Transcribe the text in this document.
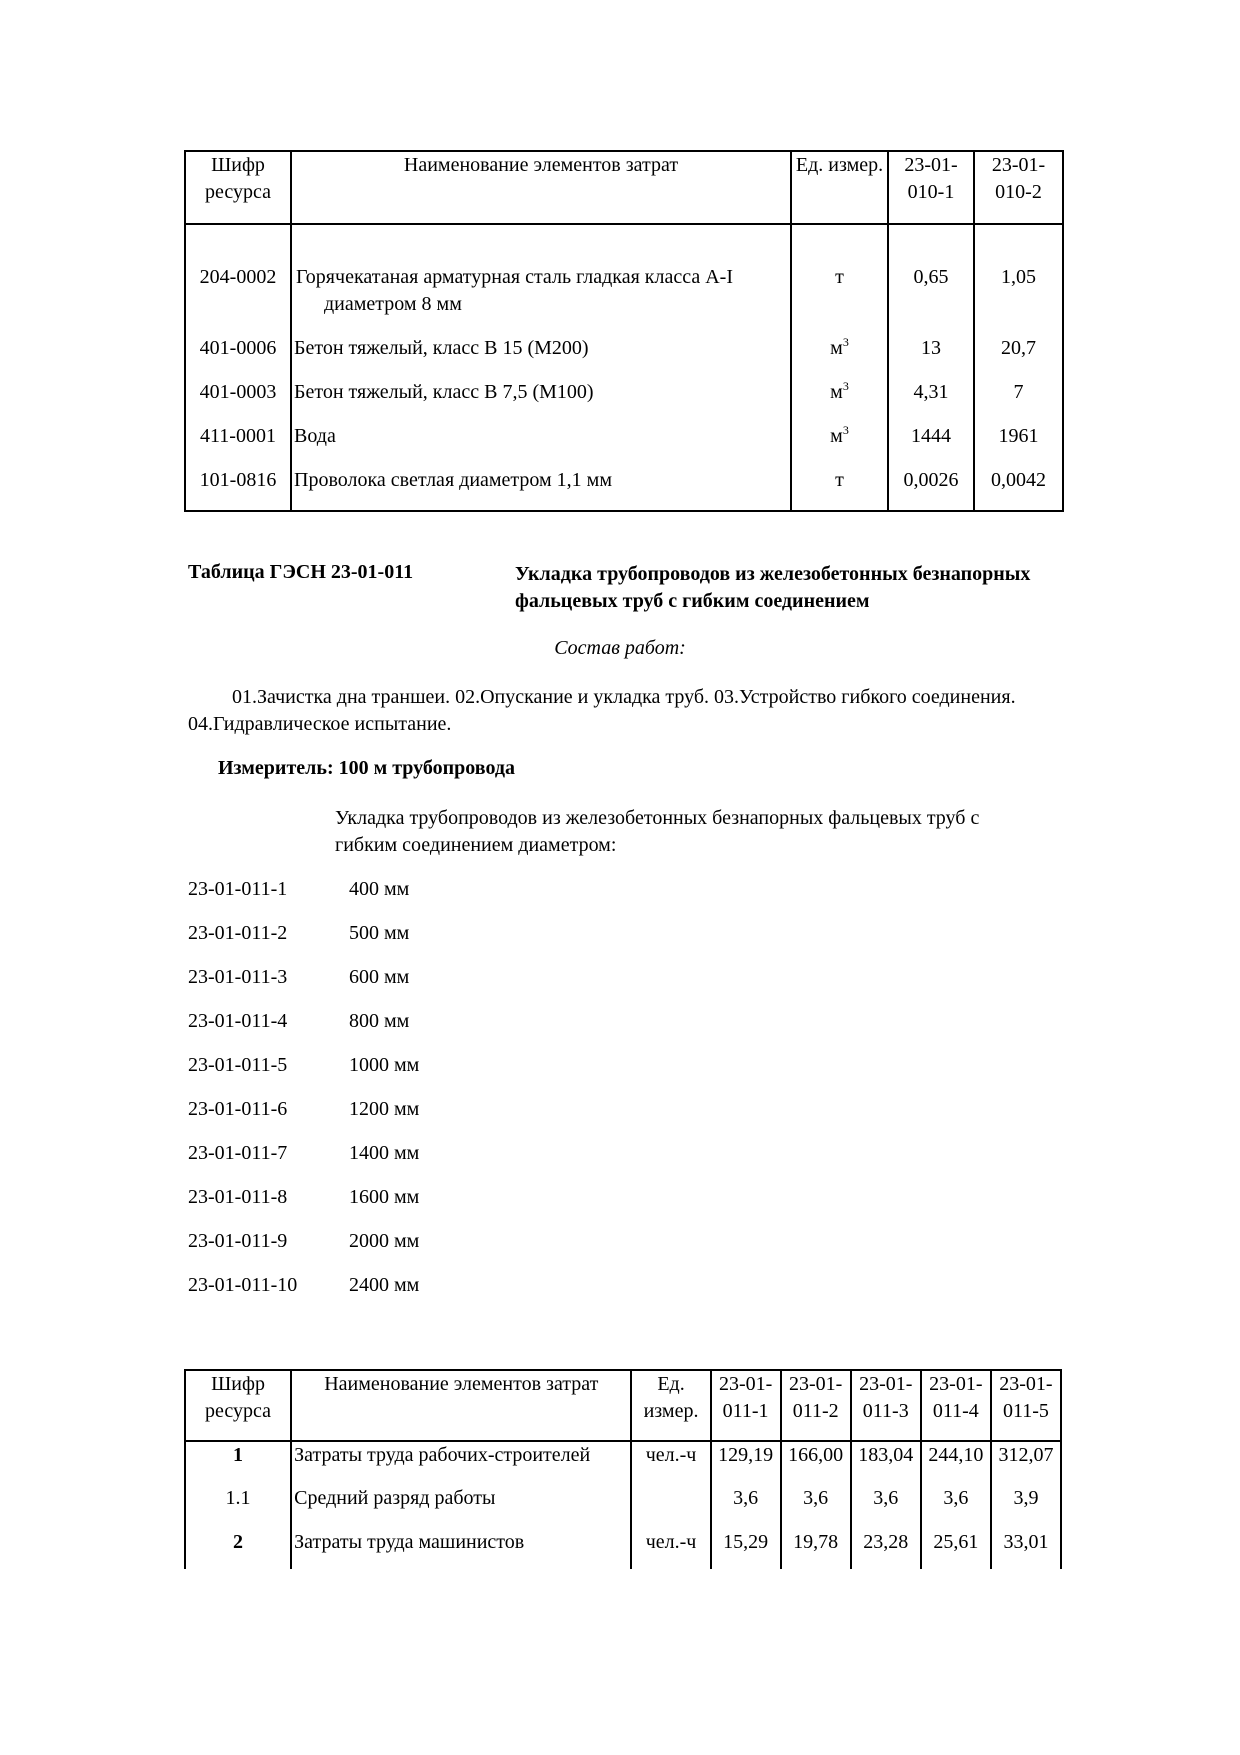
Шифр ресурса	Наименование элементов затрат	Ед. измер.	23-01-010-1	23-01-010-2

204-0002	Горячекатаная арматурная сталь гладкая класса А-I диаметром 8 мм	т	0,65	1,05
401-0006	Бетон тяжелый, класс В 15 (М200)	$м^3$	13	20,7
401-0003	Бетон тяжелый, класс В 7,5 (М100)	$м^3$	4,31	7
411-0001	Вода	$м^3$	1444	1961
101-0816	Проволока светлая диаметром 1,1 мм	т	0,0026	0,0042
Таблица ГЭСН 23-01-011	Укладка трубопроводов из железобетонных безнапорных фальцевых труб с гибким соединением
Состав работ:
01.Зачистка дна траншеи. 02.Опускание и укладка труб. 03.Устройство гибкого соединения. 04.Гидравлическое испытание.
Измеритель: 100 м трубопровода
Укладка трубопроводов из железобетонных безнапорных фальцевых труб с гибким соединением диаметром:
23-01-011-1	400 мм
23-01-011-2	500 мм
23-01-011-3	600 мм
23-01-011-4	800 мм
23-01-011-5	1000 мм
23-01-011-6	1200 мм
23-01-011-7	1400 мм
23-01-011-8	1600 мм
23-01-011-9	2000 мм
23-01-011-10	2400 мм
Шифр ресурса	Наименование элементов затрат	Ед. измер.	23-01-011-1	23-01-011-2	23-01-011-3	23-01-011-4	23-01-011-5
1	Затраты труда рабочих-строителей	чел.-ч	129,19	166,00	183,04	244,10	312,07
1.1	Средний разряд работы		3,6	3,6	3,6	3,6	3,9
2	Затраты труда машинистов	чел.-ч	15,29	19,78	23,28	25,61	33,01
